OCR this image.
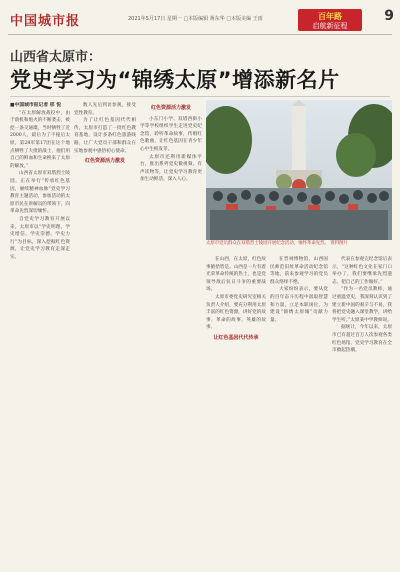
中国城市报	2021年5月17日 星期一 □本版编辑 蒋东华 □本版美编 王雨	百年路
启航新征程
9
山西省太原市：
党史学习为“锦绣太原”增添新名片
■中国城市报记者 邢 悦

“在太原解放战役中，由于敌机和炮火的不断袭击，被挖一条交通壕，当时牺牲了近2000人，最后为了不拖后太原，第28军第17团在这个地点牺牲了大批的战士，他们用自己的鲜血和生命换来了太原的解放。”

山西省太原市双塔烈士陵园，正在举行“传承红色基因，赓续精神血脉”党史学习教育主题活动，参加活动的太原市民在讲解员的带领下，向革命先烈深切缅怀。

自党史学习教育开展以来，太原市以“学史明理、学史增信、学史崇德、学史力行”为目标，深入挖掘红色资源，让党史学习教育走深走实。

数人先后到访参观，接受党性教育。

为了让红色基因代代相传，太原市打造了一批红色教育基地，设计多条红色旅游线路，让广大党员干部和群众在实地参观中感悟初心使命。

红色资源活力激发
红色资源活力激发

小东门小学、双塔西街小学等学校组织学生走进党史纪念馆，聆听革命故事，传唱红色歌曲，让红色基因在青少年心中生根发芽。

太原市还利用新媒体平台，推出系列党史微视频、有声读物等，让党史学习教育更加生动鲜活、深入人心。

太原市党员群众在双塔烈士陵园开展纪念活动，缅怀革命先烈。 资料图片

在山西，在太原，红色故事俯拾皆是。山西是一片有着光荣革命传统的热土，也是党领导敌后抗日斗争的重要战场。

太原市委党史研究室相关负责人介绍，要充分利用太原丰富的红色资源，讲好党的故事、革命的故事、英雄的故事。

让红色基因代代传承

在晋祠博物馆、山西国民师范旧址革命活动纪念馆等地，前来参观学习的党员群众络绎不绝。

大家纷纷表示，要从党的百年奋斗历程中汲取智慧和力量，立足本职岗位，为建设“锦绣太原城”贡献力量。

代表在参观完纪念馆后表示，“这种红色文化在家门口举办了，我们要继承先烈遗志，把自己的工作做好。”

“作为一名党员教师，通过重温党史，我深刻认识到了建立新中国的艰辛与不易，我将把党史融入课堂教学，讲给学生听。”太原某中学教师说。

据统计，今年以来，太原市已有超过百万人次参观各类红色场馆，党史学习教育在全市掀起热潮。
